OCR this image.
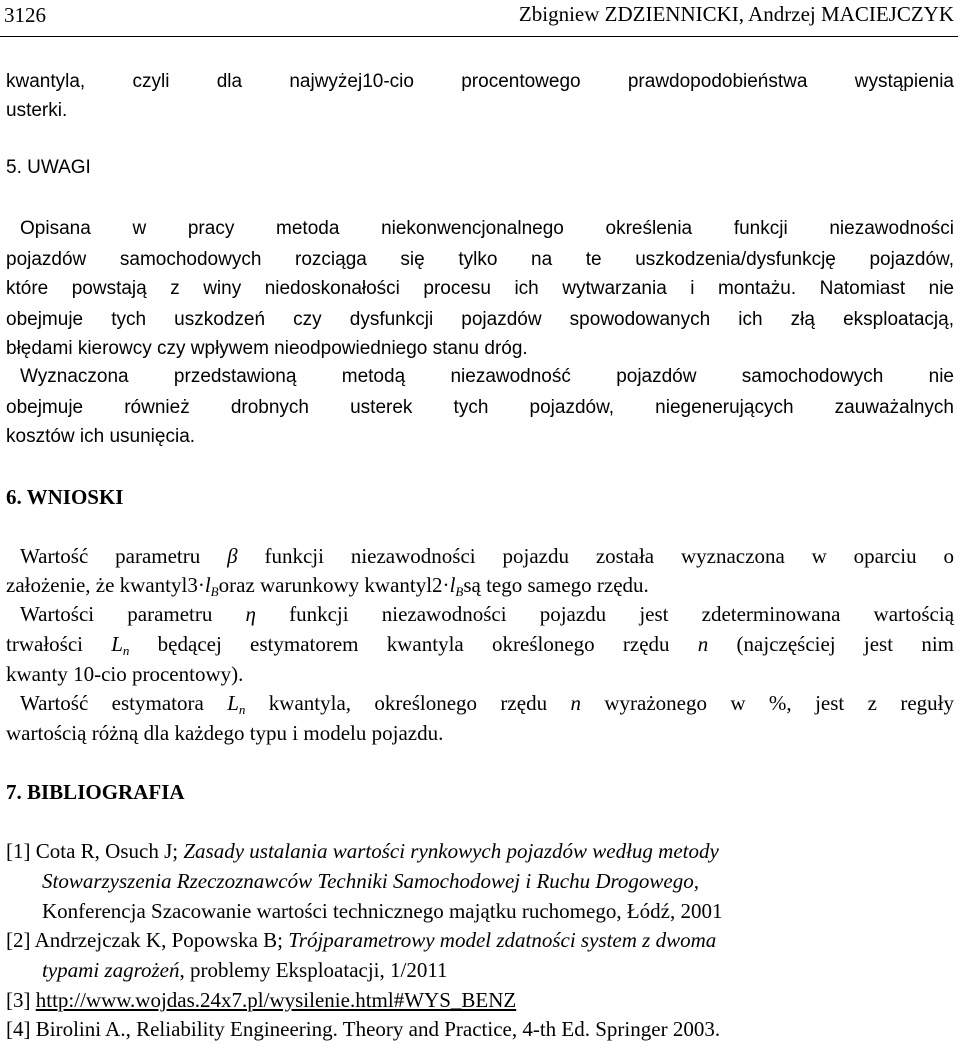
3126	Zbigniew ZDZIENNICKI, Andrzej MACIEJCZYK
kwantyla, czyli dla najwyżej10-cio procentowego prawdopodobieństwa wystąpienia
usterki.
5. UWAGI
Opisana w pracy metoda niekonwencjonalnego określenia funkcji niezawodności
pojazdów samochodowych rozciąga się tylko na te uszkodzenia/dysfunkcję pojazdów,
które powstają z winy niedoskonałości procesu ich wytwarzania i montażu. Natomiast nie
obejmuje tych uszkodzeń czy dysfunkcji pojazdów spowodowanych ich złą eksploatacją,
błędami kierowcy czy wpływem nieodpowiedniego stanu dróg.
Wyznaczona przedstawioną metodą niezawodność pojazdów samochodowych nie
obejmuje również drobnych usterek tych pojazdów, niegenerujących zauważalnych
kosztów ich usunięcia.
6. WNIOSKI
Wartość parametru β funkcji niezawodności pojazdu została wyznaczona w oparciu o
założenie, że $kwantyl3\cdot l_Boraz$ warunkowy $kwantyl2\cdot l_Bsą$ tego samego rzędu.
Wartości parametru η funkcji niezawodności pojazdu jest zdeterminowana wartością
trwałości $L_n$ będącej estymatorem kwantyla określonego rzędu n (najczęściej jest nim
kwanty 10-cio procentowy).
Wartość estymatora $L_n$ kwantyla, określonego rzędu n wyrażonego w %, jest z reguły
wartością różną dla każdego typu i modelu pojazdu.
7. BIBLIOGRAFIA
[1] Cota R, Osuch J; Zasady ustalania wartości rynkowych pojazdów według metody
Stowarzyszenia Rzeczoznawców Techniki Samochodowej i Ruchu Drogowego,
Konferencja Szacowanie wartości technicznego majątku ruchomego, Łódź, 2001
[2] Andrzejczak K, Popowska B; Trójparametrowy model zdatności system z dwoma
typami zagrożeń, problemy Eksploatacji, 1/2011
[3] http://www.wojdas.24x7.pl/wysilenie.html#WYS_BENZ
[4] Birolini A., Reliability Engineering. Theory and Practice, 4-th Ed. Springer 2003.
